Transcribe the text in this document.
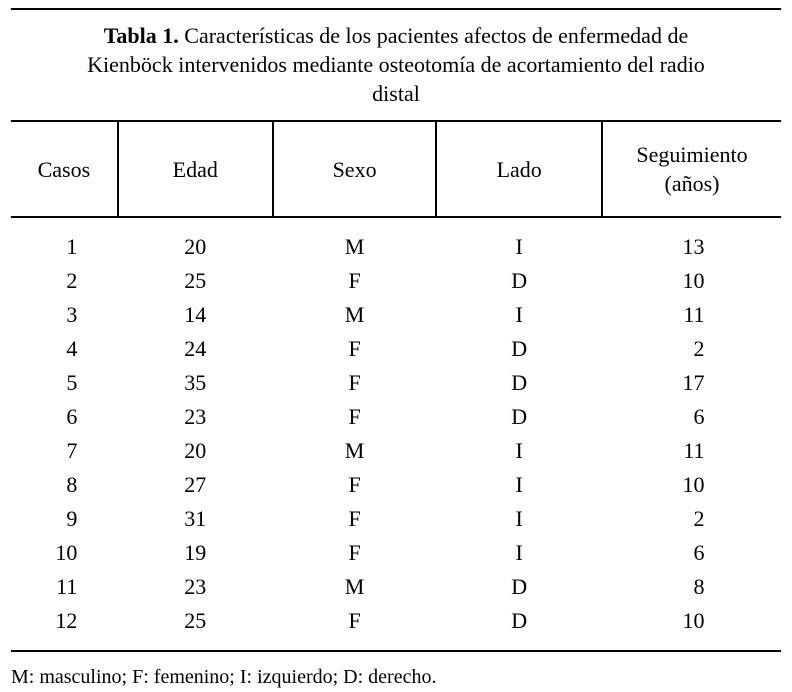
Tabla 1. Características de los pacientes afectos de enfermedad de Kienböck intervenidos mediante osteotomía de acortamiento del radio distal
Casos	Edad	Sexo	Lado	Seguimiento
(años)

1	20	M	I	13
2	25	F	D	10
3	14	M	I	11
4	24	F	D	2
5	35	F	D	17
6	23	F	D	6
7	20	M	I	11
8	27	F	I	10
9	31	F	I	2
10	19	F	I	6
11	23	M	D	8
12	25	F	D	10
M: masculino; F: femenino; I: izquierdo; D: derecho.
